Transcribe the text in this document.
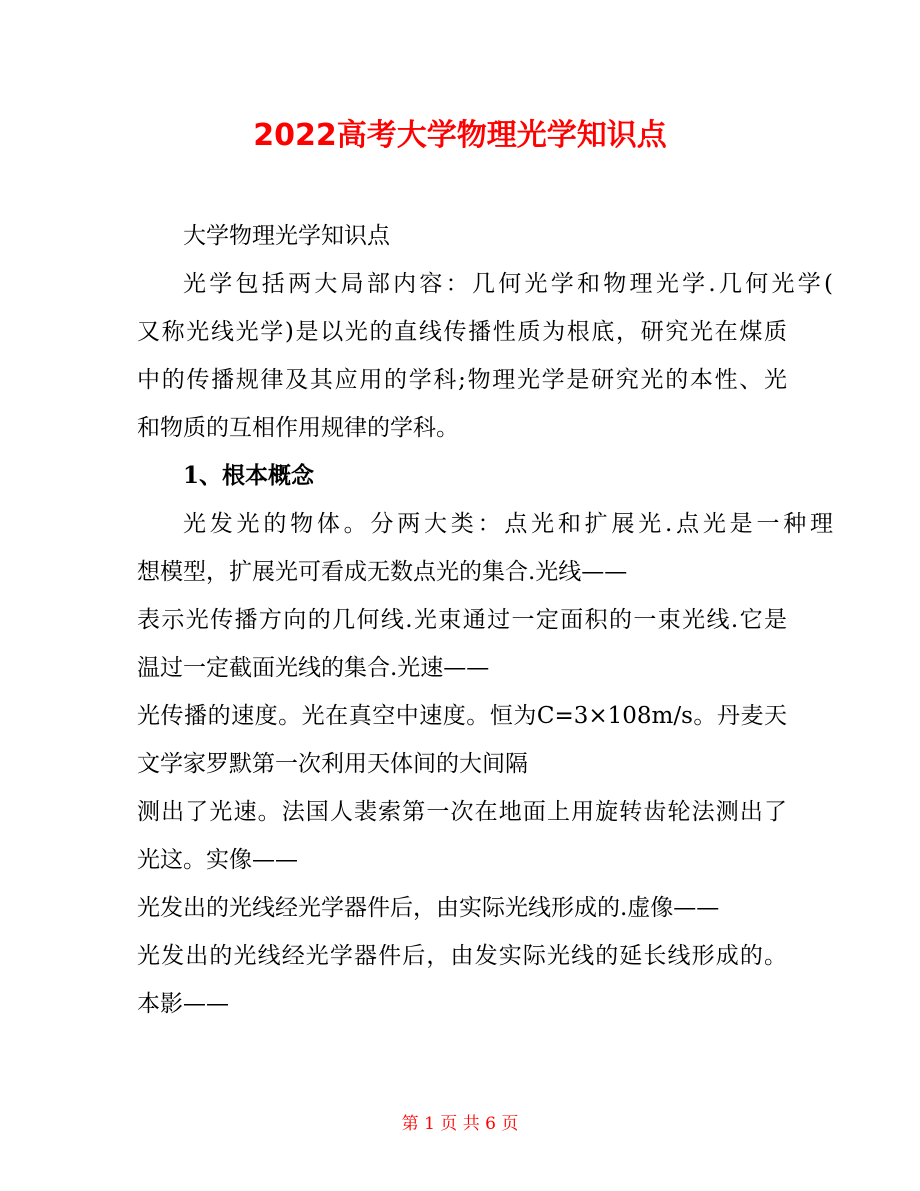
2022高考大学物理光学知识点
大学物理光学知识点
光学包括两大局部内容：几何光学和物理光学.几何光学(
又称光线光学)是以光的直线传播性质为根底，研究光在煤质
中的传播规律及其应用的学科;物理光学是研究光的本性、光
和物质的互相作用规律的学科。
1、根本概念
光发光的物体。分两大类：点光和扩展光.点光是一种理
想模型，扩展光可看成无数点光的集合.光线——
表示光传播方向的几何线.光束通过一定面积的一束光线.它是
温过一定截面光线的集合.光速——
光传播的速度。光在真空中速度。恒为C=3×108m/s。丹麦天
文学家罗默第一次利用天体间的大间隔
测出了光速。法国人裴索第一次在地面上用旋转齿轮法测出了
光这。实像——
光发出的光线经光学器件后，由实际光线形成的.虚像——
光发出的光线经光学器件后，由发实际光线的延长线形成的。
本影——
第 1 页 共 6 页
